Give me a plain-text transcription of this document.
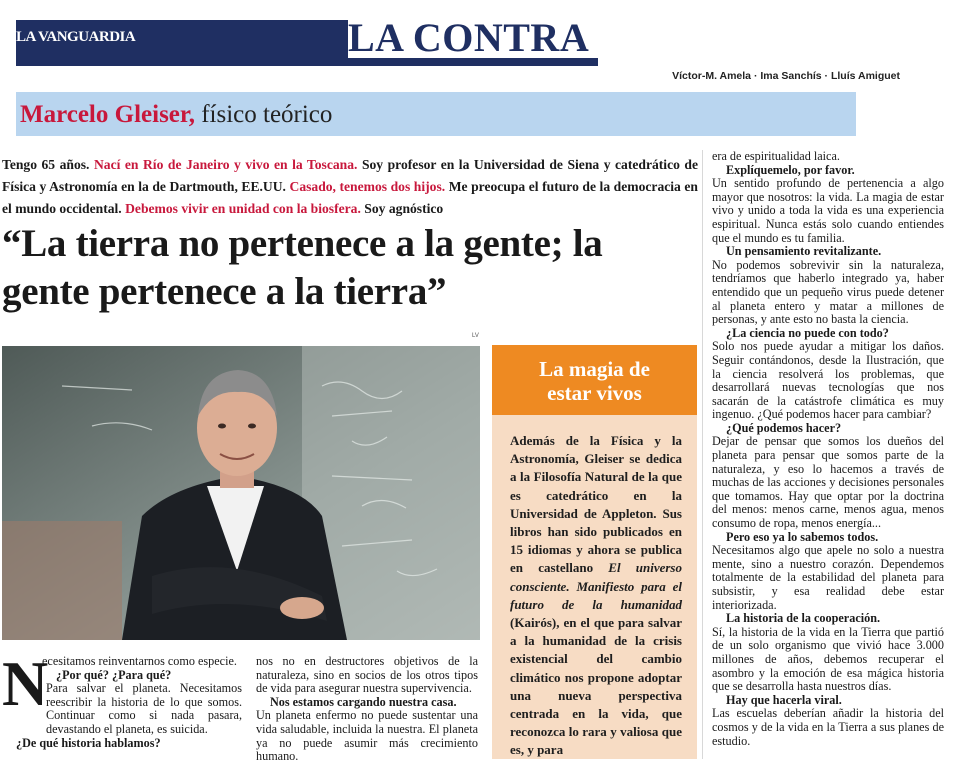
LA VANGUARDIA	LA CONTRA
Víctor-M. Amela · Ima Sanchís · Lluís Amiguet
Marcelo Gleiser, físico teórico
Tengo 65 años. Nací en Río de Janeiro y vivo en la Toscana. Soy profesor en la Universidad de Siena y catedrático de Física y Astronomía en la de Dartmouth, EE.UU. Casado, tenemos dos hijos. Me preocupa el futuro de la democracia en el mundo occidental. Debemos vivir en unidad con la biosfera. Soy agnóstico
“La tierra no pertenece a la gente; la gente pertenece a la tierra”
LV
La magia de
estar vivos
Además de la Física y la Astronomía, Gleiser se dedica a la Filosofía Natural de la que es catedrático en la Universidad de Appleton. Sus libros han sido publicados en 15 idiomas y ahora se publica en castellano El universo consciente. Manifiesto para el futuro de la humanidad (Kairós), en el que para salvar a la humanidad de la crisis existencial del cambio climático nos propone adoptar una nueva perspectiva centrada en la vida, que reconozca lo rara y valiosa que es, y para
N

ecesitamos reinventarnos como especie.

¿Por qué? ¿Para qué?

Para salvar el planeta. Necesitamos reescribir la historia de lo que somos. Continuar como si nada pasara, devastando el planeta, es suicida.

¿De qué historia hablamos?

nos no en destructores objetivos de la naturaleza, sino en socios de los otros tipos de vida para asegurar nuestra supervivencia.

Nos estamos cargando nuestra casa.

Un planeta enfermo no puede sustentar una vida saludable, incluida la nuestra. El planeta ya no puede asumir más crecimiento humano.

era de espiritualidad laica.

Explíquemelo, por favor.

Un sentido profundo de pertenencia a algo mayor que nosotros: la vida. La magia de estar vivo y unido a toda la vida es una experiencia espiritual. Nunca estás solo cuando entiendes que el mundo es tu familia.

Un pensamiento revitalizante.

No podemos sobrevivir sin la naturaleza, tendríamos que haberlo integrado ya, haber entendido que un pequeño virus puede detener al planeta entero y matar a millones de personas, y ante esto no basta la ciencia.

¿La ciencia no puede con todo?

Solo nos puede ayudar a mitigar los daños. Seguir contándonos, desde la Ilustración, que la ciencia resolverá los problemas, que desarrollará nuevas tecnologías que nos sacarán de la catástrofe climática es muy ingenuo. ¿Qué podemos hacer para cambiar?

¿Qué podemos hacer?

Dejar de pensar que somos los dueños del planeta para pensar que somos parte de la naturaleza, y eso lo hacemos a través de muchas de las acciones y decisiones personales que tomamos. Hay que optar por la doctrina del menos: menos carne, menos agua, menos consumo de ropa, menos energía...

Pero eso ya lo sabemos todos.

Necesitamos algo que apele no solo a nuestra mente, sino a nuestro corazón. Dependemos totalmente de la estabilidad del planeta para subsistir, y esa realidad debe estar interiorizada.

La historia de la cooperación.

Sí, la historia de la vida en la Tierra que partió de un solo organismo que vivió hace 3.000 millones de años, debemos recuperar el asombro y la emoción de esa mágica historia que se desarrolla hasta nuestros días.

Hay que hacerla viral.

Las escuelas deberían añadir la historia del cosmos y de la vida en la Tierra a sus planes de estudio.
